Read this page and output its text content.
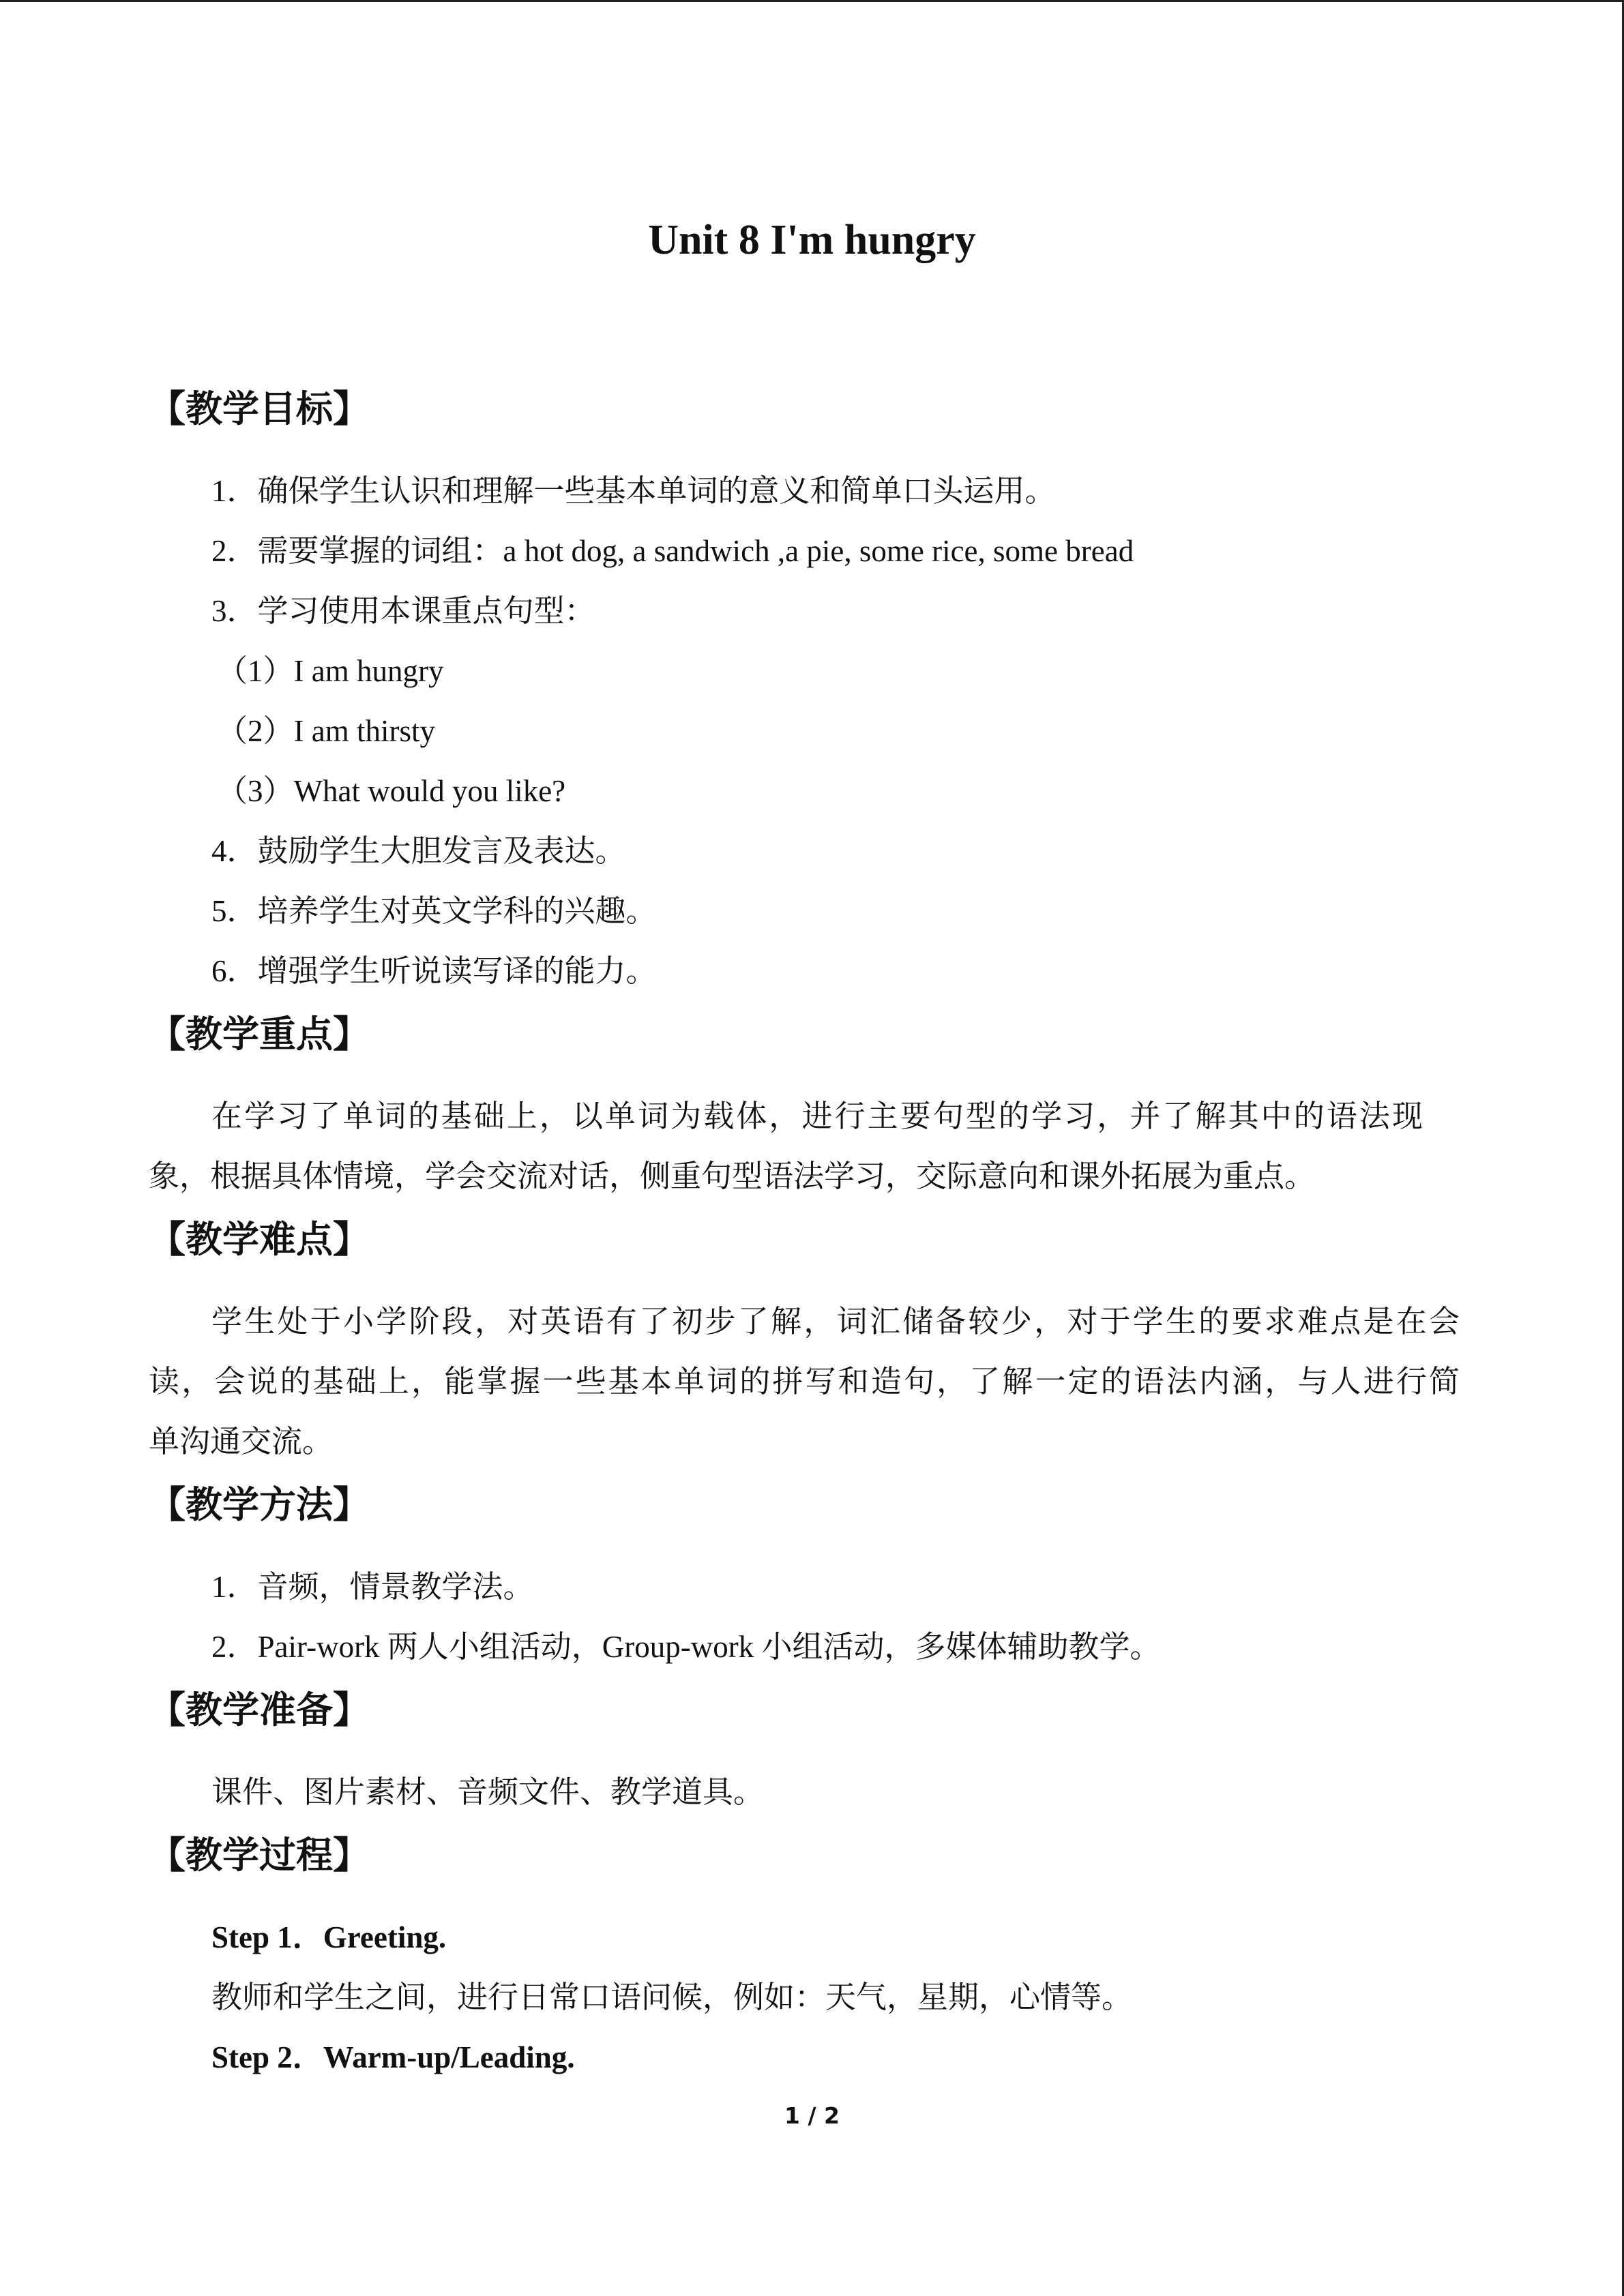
Unit 8 I'm hungry
【教学目标】
1．确保学生认识和理解一些基本单词的意义和简单口头运用。
2．需要掌握的词组：a hot dog, a sandwich ,a pie, some rice, some bread
3．学习使用本课重点句型：
（1）I am hungry
（2）I am thirsty
（3）What would you like?
4．鼓励学生大胆发言及表达。
5．培养学生对英文学科的兴趣。
6．增强学生听说读写译的能力。
【教学重点】
在学习了单词的基础上，以单词为载体，进行主要句型的学习，并了解其中的语法现
象，根据具体情境，学会交流对话，侧重句型语法学习，交际意向和课外拓展为重点。
【教学难点】
学生处于小学阶段，对英语有了初步了解，词汇储备较少，对于学生的要求难点是在会
读，会说的基础上，能掌握一些基本单词的拼写和造句，了解一定的语法内涵，与人进行简
单沟通交流。
【教学方法】
1．音频，情景教学法。
2．Pair-work 两人小组活动，Group-work 小组活动，多媒体辅助教学。
【教学准备】
课件、图片素材、音频文件、教学道具。
【教学过程】
Step 1．Greeting.
教师和学生之间，进行日常口语问候，例如：天气，星期，心情等。
Step 2．Warm-up/Leading.
1 / 2
